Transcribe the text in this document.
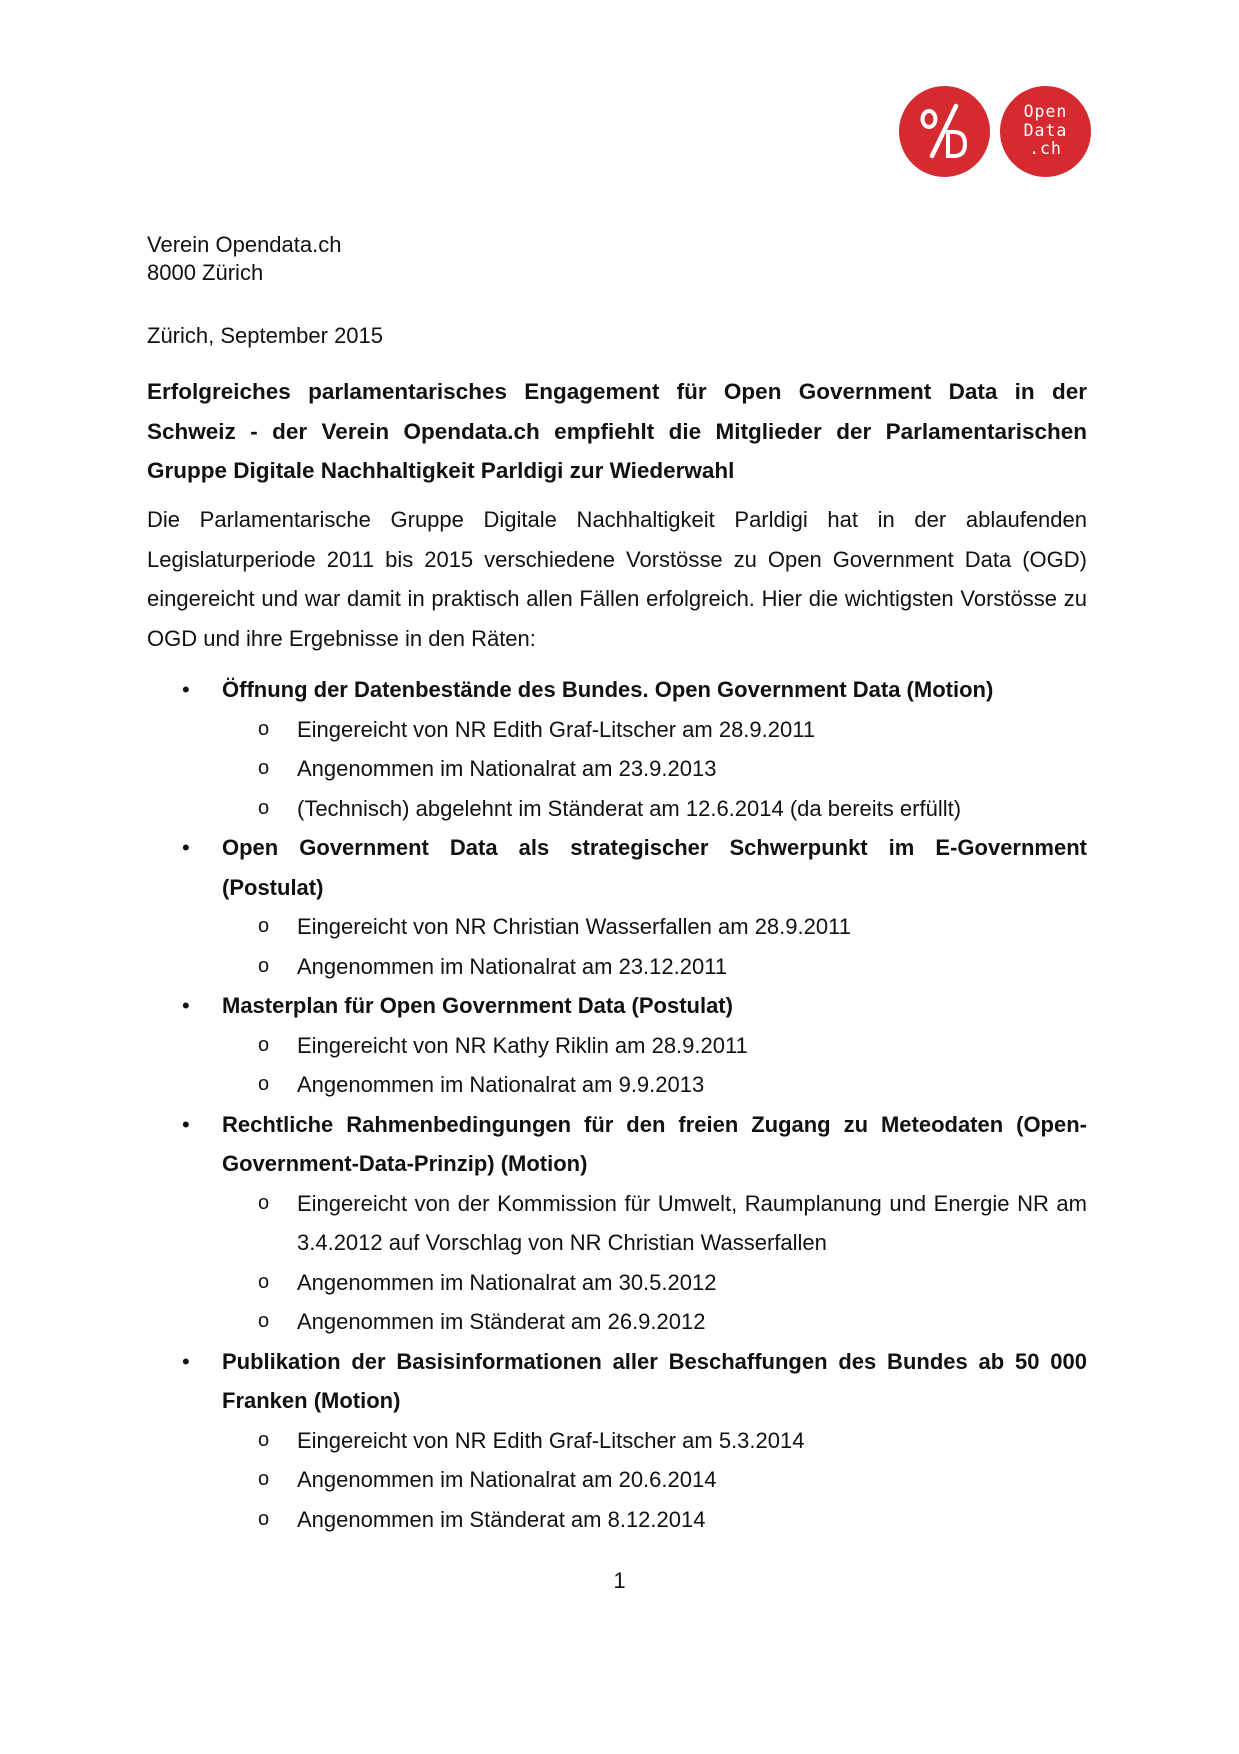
Open
Data
.ch
Verein Opendata.ch
8000 Zürich
Zürich, September 2015
Erfolgreiches parlamentarisches Engagement für Open Government Data in der Schweiz - der Verein Opendata.ch empfiehlt die Mitglieder der Parlamentarischen Gruppe Digitale Nachhaltigkeit Parldigi zur Wiederwahl
Die Parlamentarische Gruppe Digitale Nachhaltigkeit Parldigi hat in der ablaufenden Legislaturperiode 2011 bis 2015 verschiedene Vorstösse zu Open Government Data (OGD) eingereicht und war damit in praktisch allen Fällen erfolgreich. Hier die wichtigsten Vorstösse zu OGD und ihre Ergebnisse in den Räten:
• Öffnung der Datenbestände des Bundes. Open Government Data (Motion)
o Eingereicht von NR Edith Graf-Litscher am 28.9.2011
o Angenommen im Nationalrat am 23.9.2013
o (Technisch) abgelehnt im Ständerat am 12.6.2014 (da bereits erfüllt)
• Open Government Data als strategischer Schwerpunkt im E-Government (Postulat)
o Eingereicht von NR Christian Wasserfallen am 28.9.2011
o Angenommen im Nationalrat am 23.12.2011
• Masterplan für Open Government Data (Postulat)
o Eingereicht von NR Kathy Riklin am 28.9.2011
o Angenommen im Nationalrat am 9.9.2013
• Rechtliche Rahmenbedingungen für den freien Zugang zu Meteodaten (Open-Government-Data-Prinzip) (Motion)
o Eingereicht von der Kommission für Umwelt, Raumplanung und Energie NR am 3.4.2012 auf Vorschlag von NR Christian Wasserfallen
o Angenommen im Nationalrat am 30.5.2012
o Angenommen im Ständerat am 26.9.2012
• Publikation der Basisinformationen aller Beschaffungen des Bundes ab 50 000 Franken (Motion)
o Eingereicht von NR Edith Graf-Litscher am 5.3.2014
o Angenommen im Nationalrat am 20.6.2014
o Angenommen im Ständerat am 8.12.2014
1
